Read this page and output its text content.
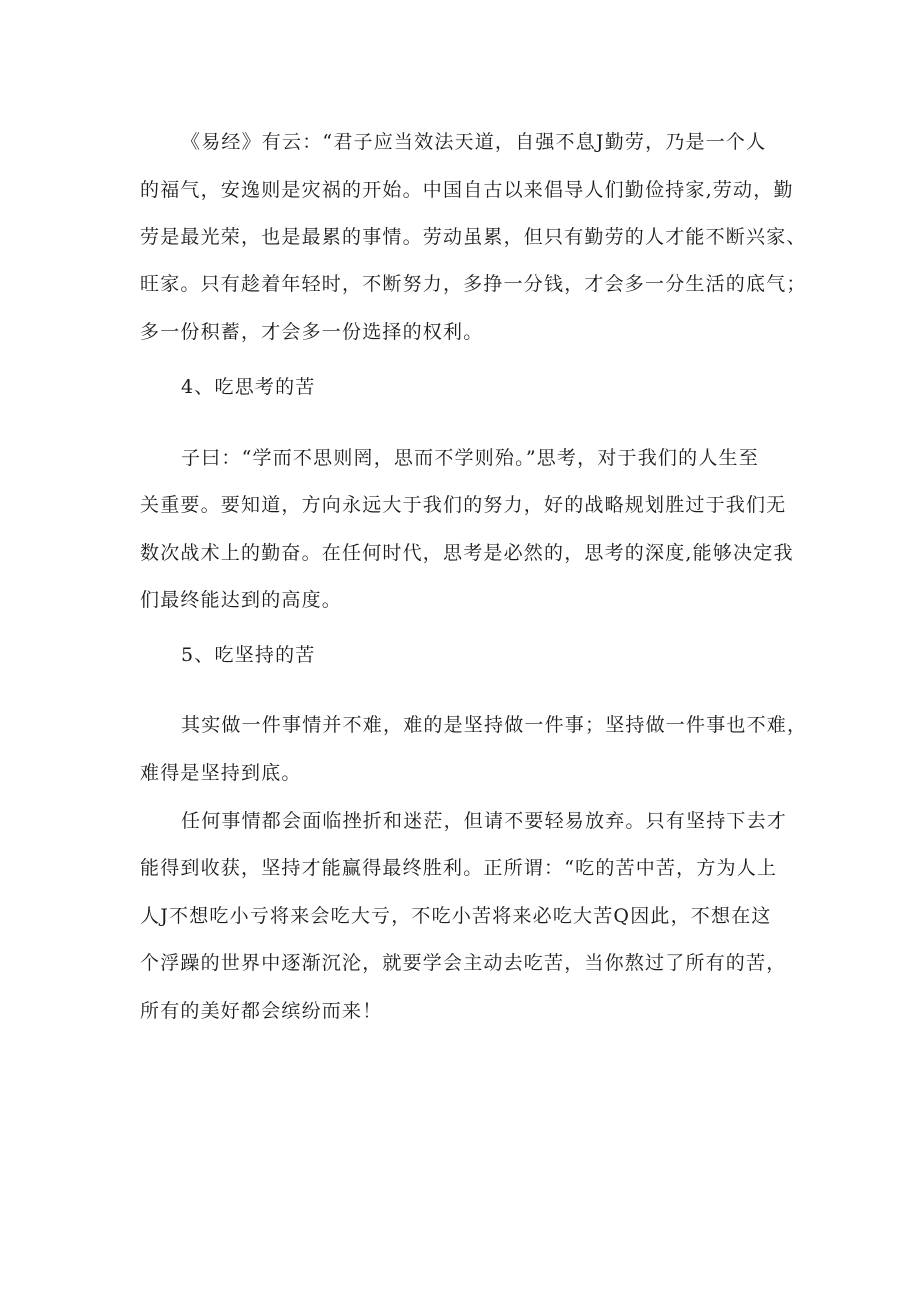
《易经》有云：“君子应当效法天道，自强不息J勤劳，乃是一个人
的福气，安逸则是灾祸的开始。中国自古以来倡导人们勤俭持家,劳动，勤
劳是最光荣，也是最累的事情。劳动虽累，但只有勤劳的人才能不断兴家、
旺家。只有趁着年轻时，不断努力，多挣一分钱，才会多一分生活的底气；
多一份积蓄，才会多一份选择的权利。
4、吃思考的苦
子曰：“学而不思则罔，思而不学则殆。”思考，对于我们的人生至
关重要。要知道，方向永远大于我们的努力，好的战略规划胜过于我们无
数次战术上的勤奋。在任何时代，思考是必然的，思考的深度,能够决定我
们最终能达到的高度。
5、吃坚持的苦
其实做一件事情并不难，难的是坚持做一件事；坚持做一件事也不难，
难得是坚持到底。
任何事情都会面临挫折和迷茫，但请不要轻易放弃。只有坚持下去才
能得到收获，坚持才能赢得最终胜利。正所谓：“吃的苦中苦，方为人上
人J不想吃小亏将来会吃大亏，不吃小苦将来必吃大苦Q因此，不想在这
个浮躁的世界中逐渐沉沦，就要学会主动去吃苦，当你熬过了所有的苦，
所有的美好都会缤纷而来！
